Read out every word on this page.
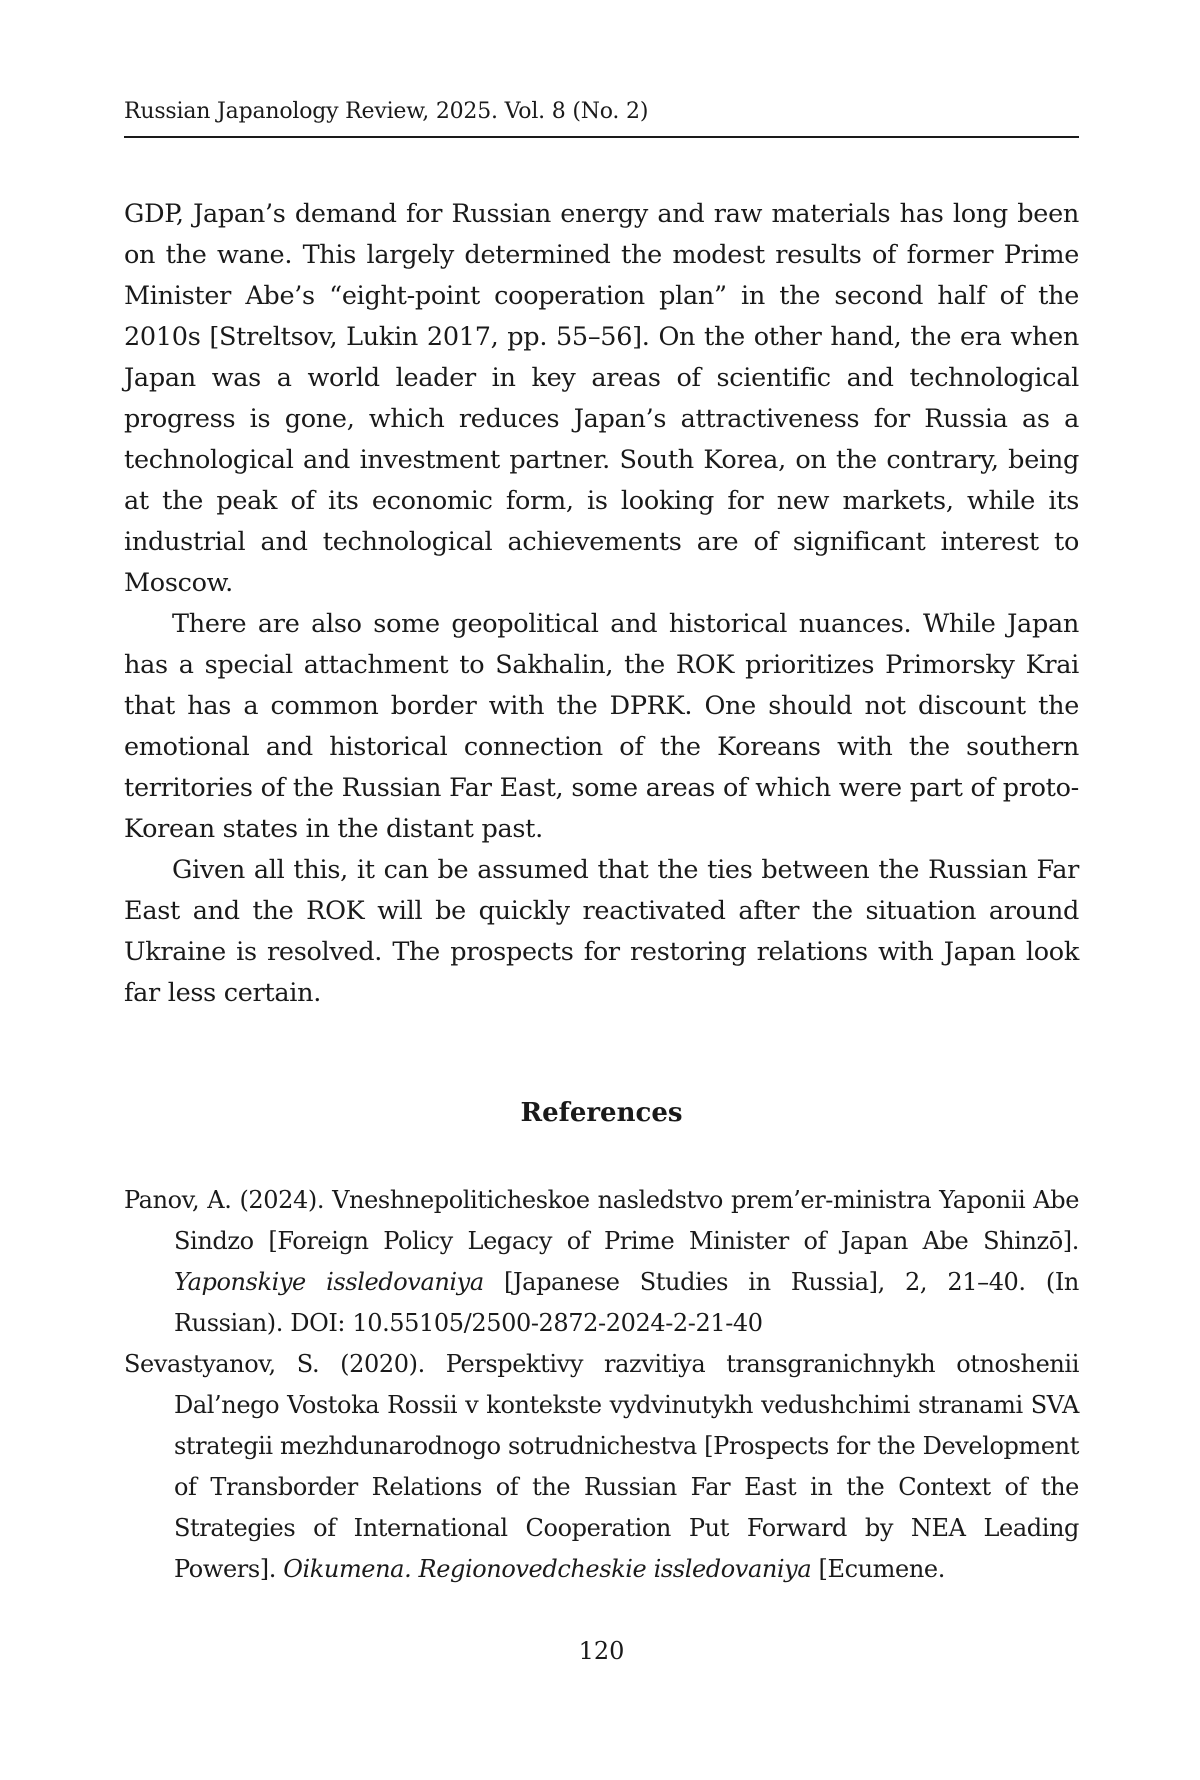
Russian Japanology Review, 2025. Vol. 8 (No. 2)

GDP, Japan’s demand for Russian energy and raw materials has long been on the wane. This largely determined the modest results of former Prime Minister Abe’s “eight-point cooperation plan” in the second half of the 2010s [Streltsov, Lukin 2017, pp. 55–56]. On the other hand, the era when Japan was a world leader in key areas of scientific and technological progress is gone, which reduces Japan’s attractiveness for Russia as a technological and investment partner. South Korea, on the contrary, being at the peak of its economic form, is looking for new markets, while its industrial and technological achievements are of significant interest to Moscow.

There are also some geopolitical and historical nuances. While Japan has a special attachment to Sakhalin, the ROK prioritizes Primorsky Krai that has a common border with the DPRK. One should not discount the emotional and historical connection of the Koreans with the southern territories of the Russian Far East, some areas of which were part of proto-Korean states in the distant past.

Given all this, it can be assumed that the ties between the Russian Far East and the ROK will be quickly reactivated after the situation around Ukraine is resolved. The prospects for restoring relations with Japan look far less certain.

References

Panov, A. (2024). Vneshnepoliticheskoe nasledstvo prem’er-ministra Yaponii Abe Sindzo [Foreign Policy Legacy of Prime Minister of Japan Abe Shinzō]. Yaponskiye issledovaniya [Japanese Studies in Russia], 2, 21–40. (In Russian). DOI: 10.55105/2500-2872-2024-2-21-40

Sevastyanov, S. (2020). Perspektivy razvitiya transgranichnykh otnoshenii Dal’nego Vostoka Rossii v kontekste vydvinutykh vedushchimi stranami SVA strategii mezhdunarodnogo sotrudnichestva [Prospects for the Development of Transborder Relations of the Russian Far East in the Context of the Strategies of International Cooperation Put Forward by NEA Leading Powers]. Oikumena. Regionovedcheskie issledovaniya [Ecumene.

120
